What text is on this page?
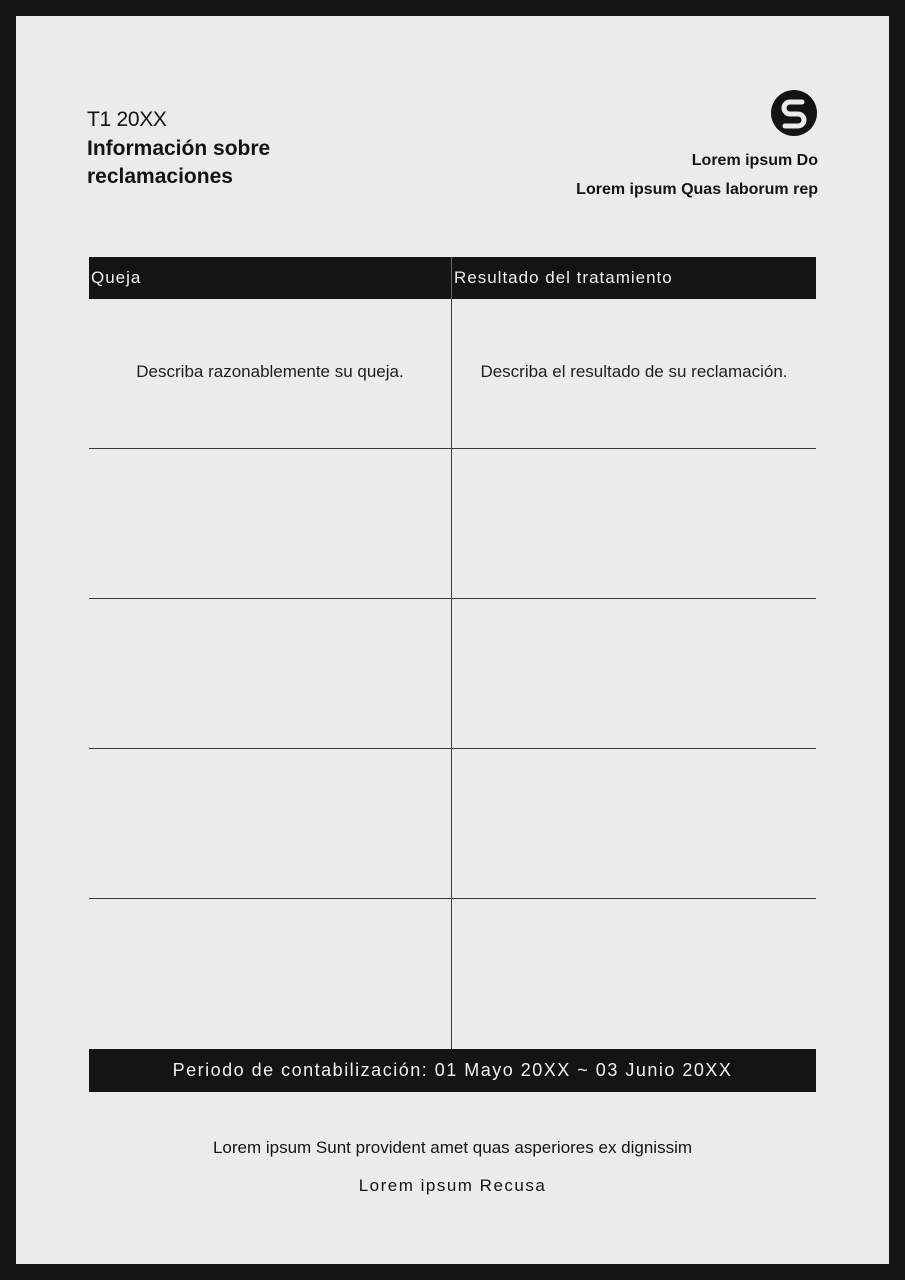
T1 20XX
Información sobre reclamaciones
Lorem ipsum Do
Lorem ipsum Quas laborum rep
Queja	Resultado del tratamiento
Describa razonablemente su queja.	Describa el resultado de su reclamación.
Periodo de contabilización: 01 Mayo 20XX ~ 03 Junio 20XX
Lorem ipsum Sunt provident amet quas asperiores ex dignissim
Lorem ipsum Recusa
